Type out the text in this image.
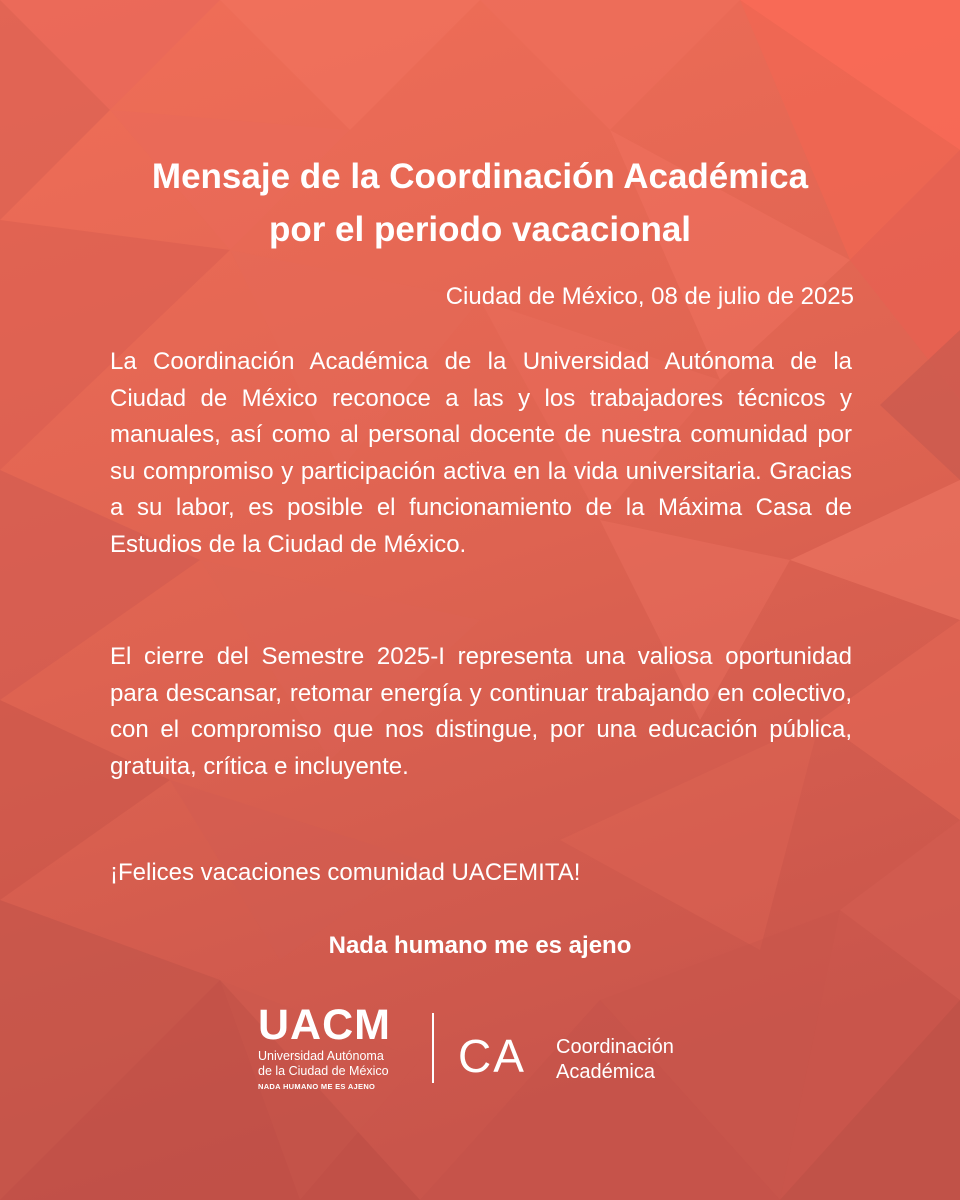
Mensaje de la Coordinación Académica
por el periodo vacacional

Ciudad de México, 08 de julio de 2025

La Coordinación Académica de la Universidad Autónoma de la Ciudad de México reconoce a las y los trabajadores técnicos y manuales, así como al personal docente de nuestra comunidad por su compromiso y participación activa en la vida universitaria. Gracias a su labor, es posible el funcionamiento de la Máxima Casa de Estudios de la Ciudad de México.

El cierre del Semestre 2025-I representa una valiosa oportunidad para descansar, retomar energía y continuar trabajando en colectivo, con el compromiso que nos distingue, por una educación pública, gratuita, crítica e incluyente.

¡Felices vacaciones comunidad UACEMITA!

Nada humano me es ajeno

UACM
Universidad Autónoma
de la Ciudad de México
NADA HUMANO ME ES AJENO
CA Coordinación
Académica
